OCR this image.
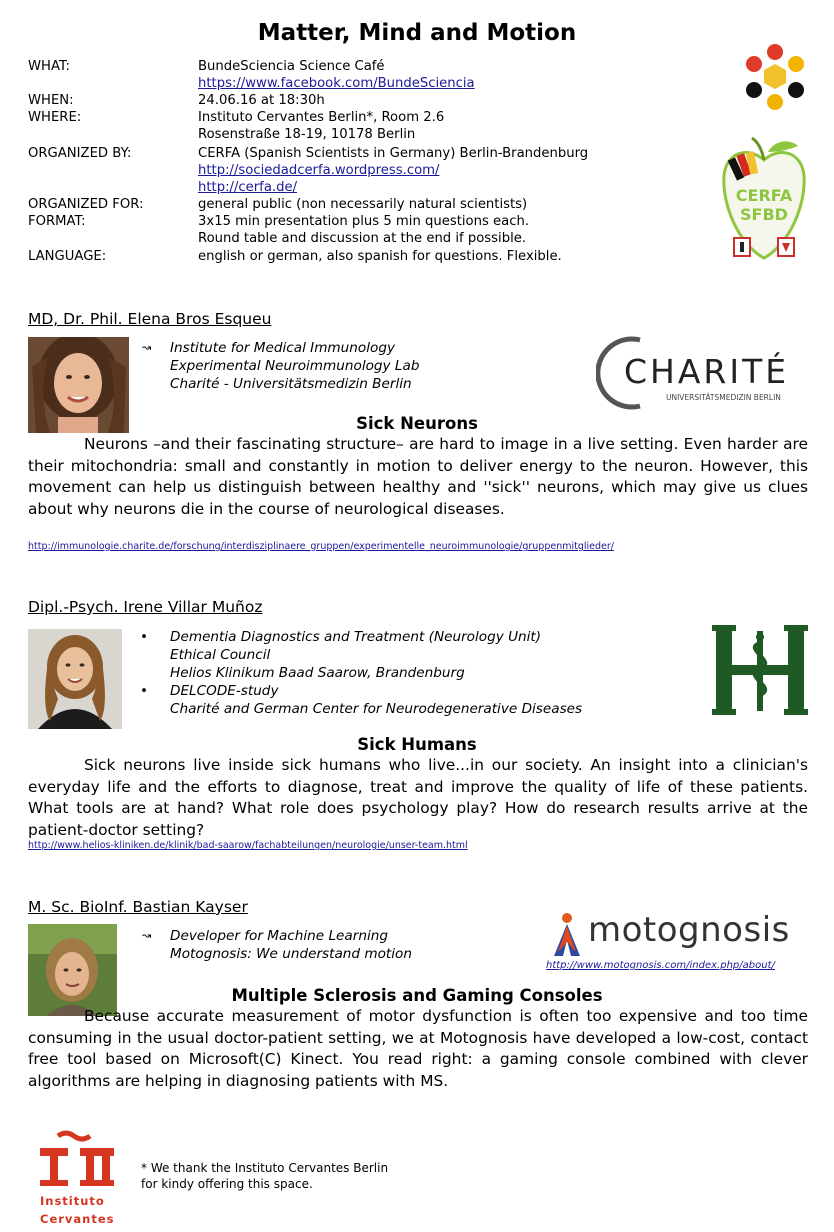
Matter, Mind and Motion
WHAT:	BundeSciencia Science Café
https://www.facebook.com/BundeSciencia
WHEN:	24.06.16 at 18:30h
WHERE:	Instituto Cervantes Berlin*, Room 2.6
Rosenstraße 18-19, 10178 Berlin
ORGANIZED BY:	CERFA (Spanish Scientists in Germany) Berlin-Brandenburg
http://sociedadcerfa.wordpress.com/
http://cerfa.de/
ORGANIZED FOR:	general public (non necessarily natural scientists)
FORMAT:	3x15 min presentation plus 5 min questions each.
Round table and discussion at the end if possible.
LANGUAGE:	english or german, also spanish for questions. Flexible.
CERFA
SFBD
MD, Dr. Phil. Elena Bros Esqueu
↝ Institute for Medical Immunology
Experimental Neuroimmunology Lab
Charité - Universitätsmedizin Berlin	CHARITÉ
UNIVERSITÄTSMEDIZIN BERLIN
Sick Neurons
Neurons –and their fascinating structure– are hard to image in a live setting. Even harder are their mitochondria: small and constantly in motion to deliver energy to the neuron. However, this movement can help us distinguish between healthy and ''sick'' neurons, which may give us clues about why neurons die in the course of neurological diseases.
http://immunologie.charite.de/forschung/interdisziplinaere_gruppen/experimentelle_neuroimmunologie/gruppenmitglieder/
Dipl.-Psych. Irene Villar Muñoz
• Dementia Diagnostics and Treatment (Neurology Unit)
Ethical Council
Helios Klinikum Baad Saarow, Brandenburg
• DELCODE-study
Charité and German Center for Neurodegenerative Diseases
Sick Humans
Sick neurons live inside sick humans who live...in our society. An insight into a clinician's everyday life and the efforts to diagnose, treat and improve the quality of life of these patients. What tools are at hand? What role does psychology play? How do research results arrive at the patient-doctor setting?
http://www.helios-kliniken.de/klinik/bad-saarow/fachabteilungen/neurologie/unser-team.html
M. Sc. BioInf. Bastian Kayser
↝ Developer for Machine Learning
Motognosis: We understand motion
motognosis
http://www.motognosis.com/index.php/about/
Multiple Sclerosis and Gaming Consoles
Because accurate measurement of motor dysfunction is often too expensive and too time consuming in the usual doctor-patient setting, we at Motognosis have developed a low-cost, contact free tool based on Microsoft(C) Kinect. You read right: a gaming console combined with clever algorithms are helping in diagnosing patients with MS.
Instituto
Cervantes
* We thank the Instituto Cervantes Berlin
for kindy offering this space.
